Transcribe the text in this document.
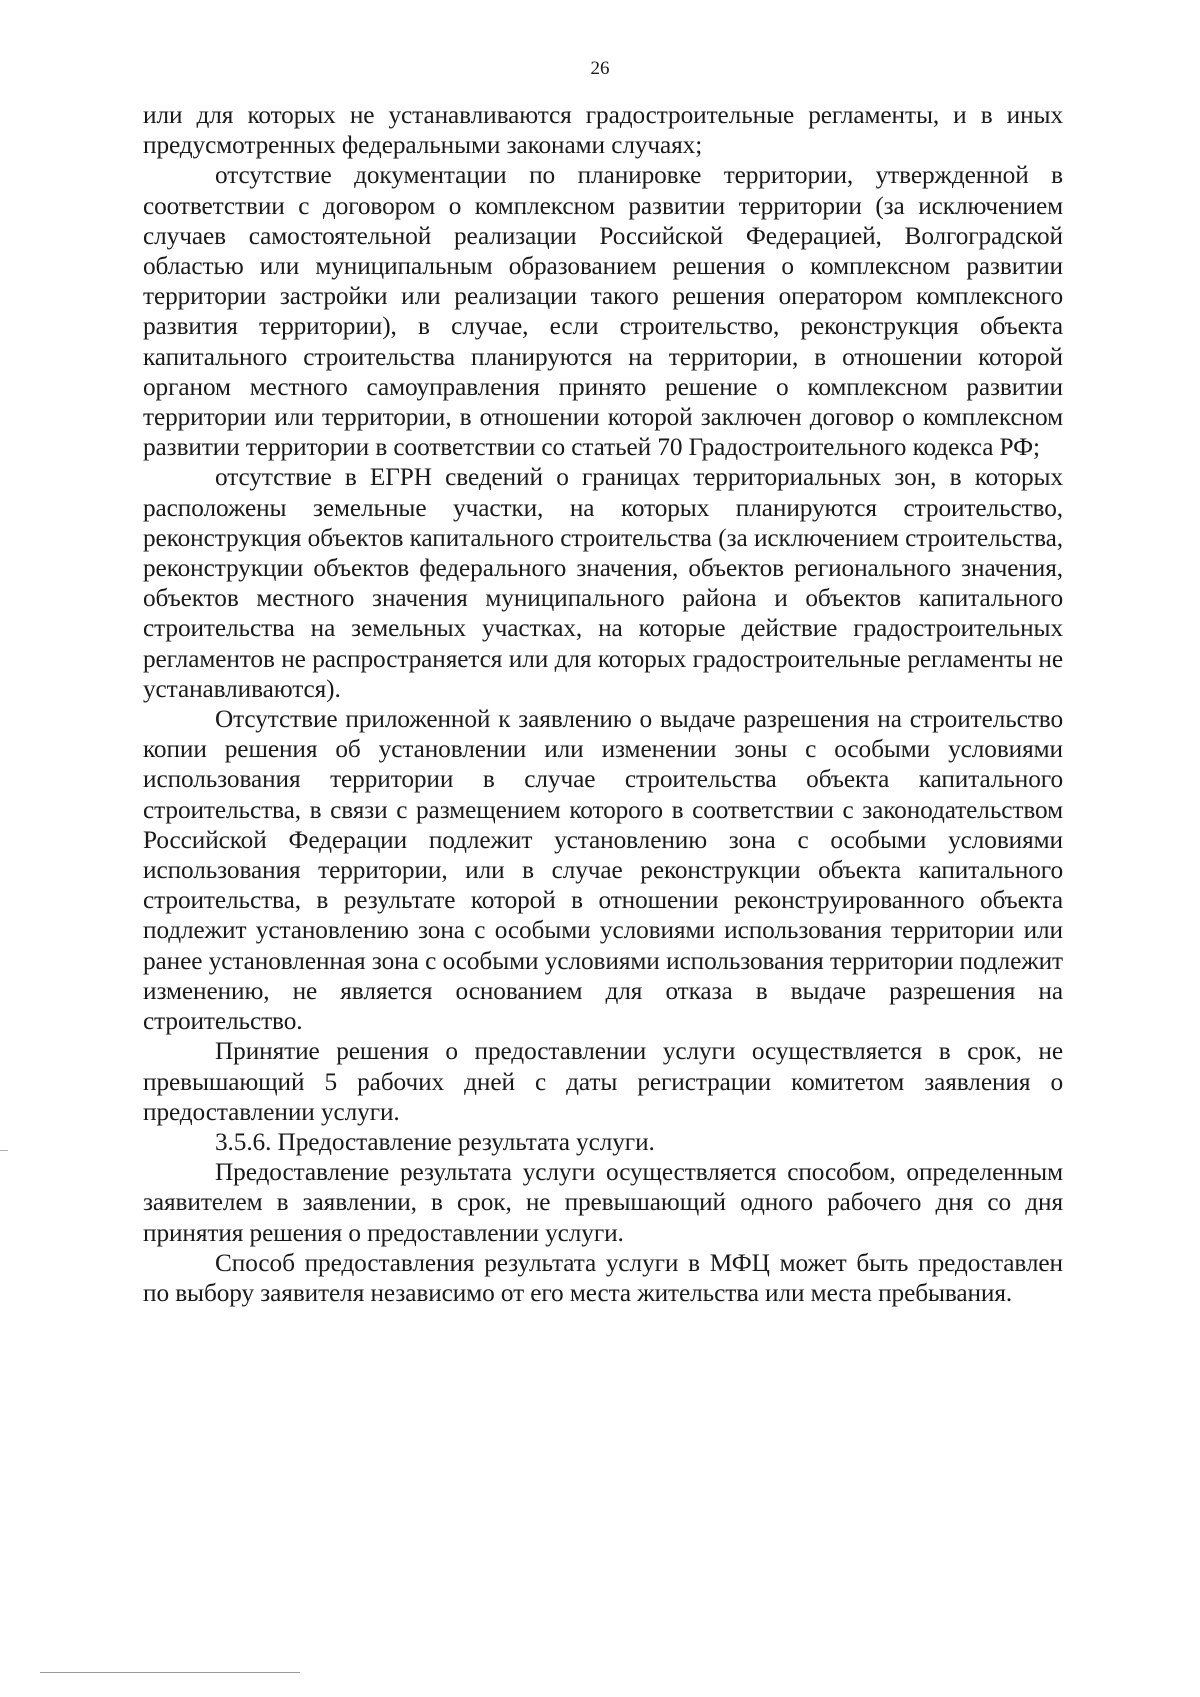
26

или для которых не устанавливаются градостроительные регламенты, и в иных предусмотренных федеральными законами случаях;

отсутствие документации по планировке территории, утвержденной в соответствии с договором о комплексном развитии территории (за исключением случаев самостоятельной реализации Российской Федерацией, Волгоградской областью или муниципальным образованием решения о комплексном развитии территории застройки или реализации такого решения оператором комплексного развития территории), в случае, если строительство, реконструкция объекта капитального строительства планируются на территории, в отношении которой органом местного самоуправления принято решение о комплексном развитии территории или территории, в отношении которой заключен договор о комплексном развитии территории в соответствии со статьей 70 Градостроительного кодекса РФ;

отсутствие в ЕГРН сведений о границах территориальных зон, в которых расположены земельные участки, на которых планируются строительство, реконструкция объектов капитального строительства (за исключением строительства, реконструкции объектов федерального значения, объектов регионального значения, объектов местного значения муниципального района и объектов капитального строительства на земельных участках, на которые действие градостроительных регламентов не распространяется или для которых градостроительные регламенты не устанавливаются).

Отсутствие приложенной к заявлению о выдаче разрешения на строительство копии решения об установлении или изменении зоны с особыми условиями использования территории в случае строительства объекта капитального строительства, в связи с размещением которого в соответствии с законодательством Российской Федерации подлежит установлению зона с особыми условиями использования территории, или в случае реконструкции объекта капитального строительства, в результате которой в отношении реконструированного объекта подлежит установлению зона с особыми условиями использования территории или ранее установленная зона с особыми условиями использования территории подлежит изменению, не является основанием для отказа в выдаче разрешения на строительство.

Принятие решения о предоставлении услуги осуществляется в срок, не превышающий 5 рабочих дней с даты регистрации комитетом заявления о предоставлении услуги.

3.5.6. Предоставление результата услуги.

Предоставление результата услуги осуществляется способом, определенным заявителем в заявлении, в срок, не превышающий одного рабочего дня со дня принятия решения о предоставлении услуги.

Способ предоставления результата услуги в МФЦ может быть предоставлен по выбору заявителя независимо от его места жительства или места пребывания.
